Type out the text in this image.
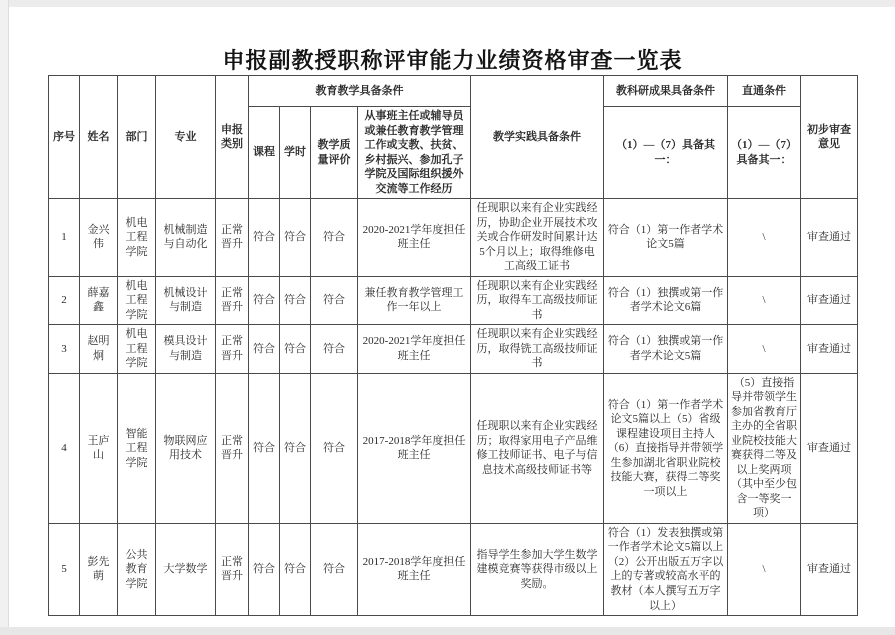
申报副教授职称评审能力业绩资格审查一览表
序号	姓名	部门	专业	申报类别	教育教学具备条件				教学实践具备条件	教科研成果具备条件	直通条件	初步审查意见
					课程	学时	教学质量评价	从事班主任或辅导员或兼任教育教学管理工作或支教、扶贫、乡村振兴、参加孔子学院及国际组织援外交流等工作经历		（1）—（7）具备其一：	（1）—（7）具备其一：	
1	金兴伟	机电工程学院	机械制造与自动化	正常晋升	符合	符合	符合	2020-2021学年度担任班主任	任现职以来有企业实践经历，协助企业开展技术攻关或合作研发时间累计达5个月以上；取得维修电工高级工证书	符合（1）第一作者学术论文5篇	\	审查通过
2	薛嘉鑫	机电工程学院	机械设计与制造	正常晋升	符合	符合	符合	兼任教育教学管理工作一年以上	任现职以来有企业实践经历，取得车工高级技师证书	符合（1）独撰或第一作者学术论文6篇	\	审查通过
3	赵明炯	机电工程学院	模具设计与制造	正常晋升	符合	符合	符合	2020-2021学年度担任班主任	任现职以来有企业实践经历，取得铣工高级技师证书	符合（1）独撰或第一作者学术论文5篇	\	审查通过
4	王庐山	智能工程学院	物联网应用技术	正常晋升	符合	符合	符合	2017-2018学年度担任班主任	任现职以来有企业实践经历；取得家用电子产品维修工技师证书、电子与信息技术高级技师证书等	符合（1）第一作者学术论文5篇以上（5）省级课程建设项目主持人（6）直接指导并带领学生参加湖北省职业院校技能大赛，获得二等奖一项以上	（5）直接指导并带领学生参加省教育厅主办的全省职业院校技能大赛获得二等及以上奖两项（其中至少包含一等奖一项）	审查通过
5	彭先萌	公共教育学院	大学数学	正常晋升	符合	符合	符合	2017-2018学年度担任班主任	指导学生参加大学生数学建模竞赛等获得市级以上奖励。	符合（1）发表独撰或第一作者学术论文5篇以上（2）公开出版五万字以上的专著或较高水平的教材（本人撰写五万字以上）	\	审查通过
